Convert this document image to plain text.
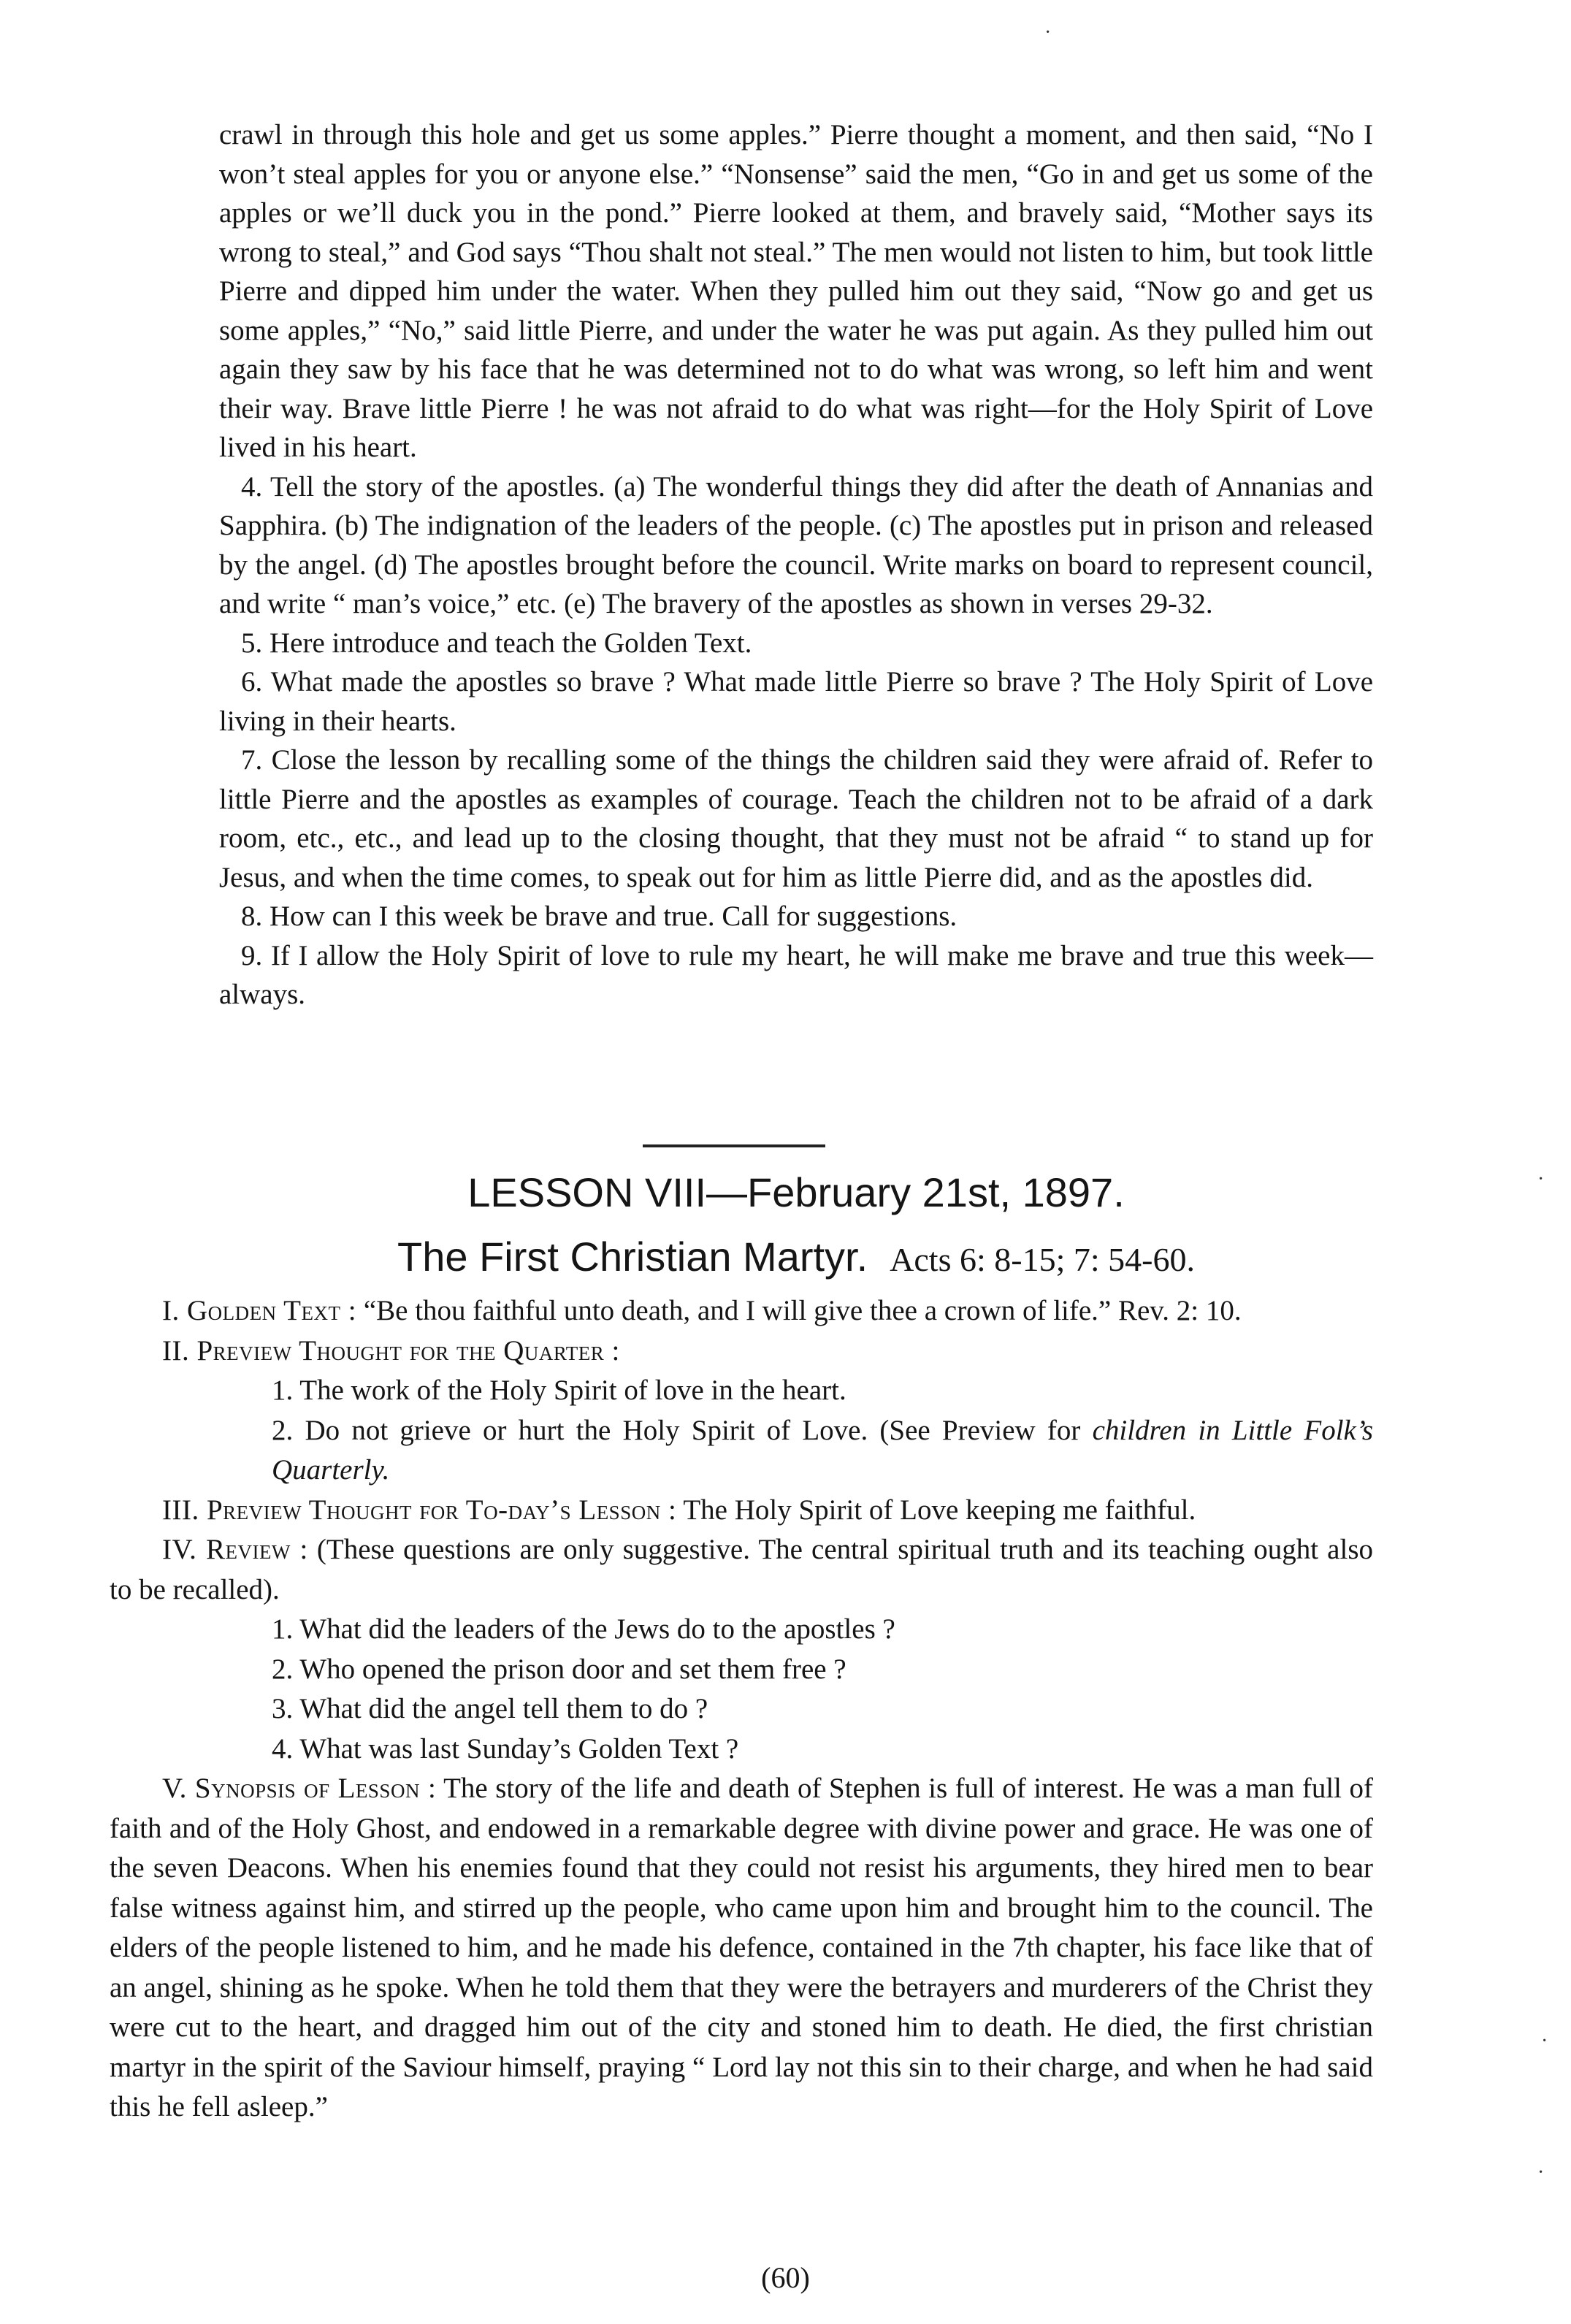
crawl in through this hole and get us some apples.” Pierre thought a moment, and then said, “No I won’t steal apples for you or anyone else.” “Nonsense” said the men, “Go in and get us some of the apples or we’ll duck you in the pond.” Pierre looked at them, and bravely said, “Mother says its wrong to steal,” and God says “Thou shalt not steal.” The men would not listen to him, but took little Pierre and dipped him under the water. When they pulled him out they said, “Now go and get us some apples,” “No,” said little Pierre, and under the water he was put again. As they pulled him out again they saw by his face that he was determined not to do what was wrong, so left him and went their way. Brave little Pierre ! he was not afraid to do what was right—for the Holy Spirit of Love lived in his heart.

4. Tell the story of the apostles. (a) The wonderful things they did after the death of Annanias and Sapphira. (b) The indignation of the leaders of the people. (c) The apostles put in prison and released by the angel. (d) The apostles brought before the council. Write marks on board to represent council, and write “ man’s voice,” etc. (e) The bravery of the apostles as shown in verses 29-32.

5. Here introduce and teach the Golden Text.

6. What made the apostles so brave ? What made little Pierre so brave ? The Holy Spirit of Love living in their hearts.

7. Close the lesson by recalling some of the things the children said they were afraid of. Refer to little Pierre and the apostles as examples of courage. Teach the children not to be afraid of a dark room, etc., etc., and lead up to the closing thought, that they must not be afraid “ to stand up for Jesus, and when the time comes, to speak out for him as little Pierre did, and as the apostles did.

8. How can I this week be brave and true. Call for suggestions.

9. If I allow the Holy Spirit of love to rule my heart, he will make me brave and true this week—always.

LESSON VIII—February 21st, 1897.
The First Christian Martyr. Acts 6: 8-15; 7: 54-60.

I. Golden Text : “Be thou faithful unto death, and I will give thee a crown of life.” Rev. 2: 10.

II. Preview Thought for the Quarter :

1. The work of the Holy Spirit of love in the heart.

2. Do not grieve or hurt the Holy Spirit of Love. (See Preview for children in Little Folk’s Quarterly.

III. Preview Thought for To-day’s Lesson : The Holy Spirit of Love keeping me faithful.

IV. Review : (These questions are only suggestive. The central spiritual truth and its teaching ought also to be recalled).

1. What did the leaders of the Jews do to the apostles ?

2. Who opened the prison door and set them free ?

3. What did the angel tell them to do ?

4. What was last Sunday’s Golden Text ?

V. Synopsis of Lesson : The story of the life and death of Stephen is full of interest. He was a man full of faith and of the Holy Ghost, and endowed in a remarkable degree with divine power and grace. He was one of the seven Deacons. When his enemies found that they could not resist his arguments, they hired men to bear false witness against him, and stirred up the people, who came upon him and brought him to the council. The elders of the people listened to him, and he made his defence, contained in the 7th chapter, his face like that of an angel, shining as he spoke. When he told them that they were the betrayers and murderers of the Christ they were cut to the heart, and dragged him out of the city and stoned him to death. He died, the first christian martyr in the spirit of the Saviour himself, praying “ Lord lay not this sin to their charge, and when he had said this he fell asleep.”

(60)
·
·
·
·
